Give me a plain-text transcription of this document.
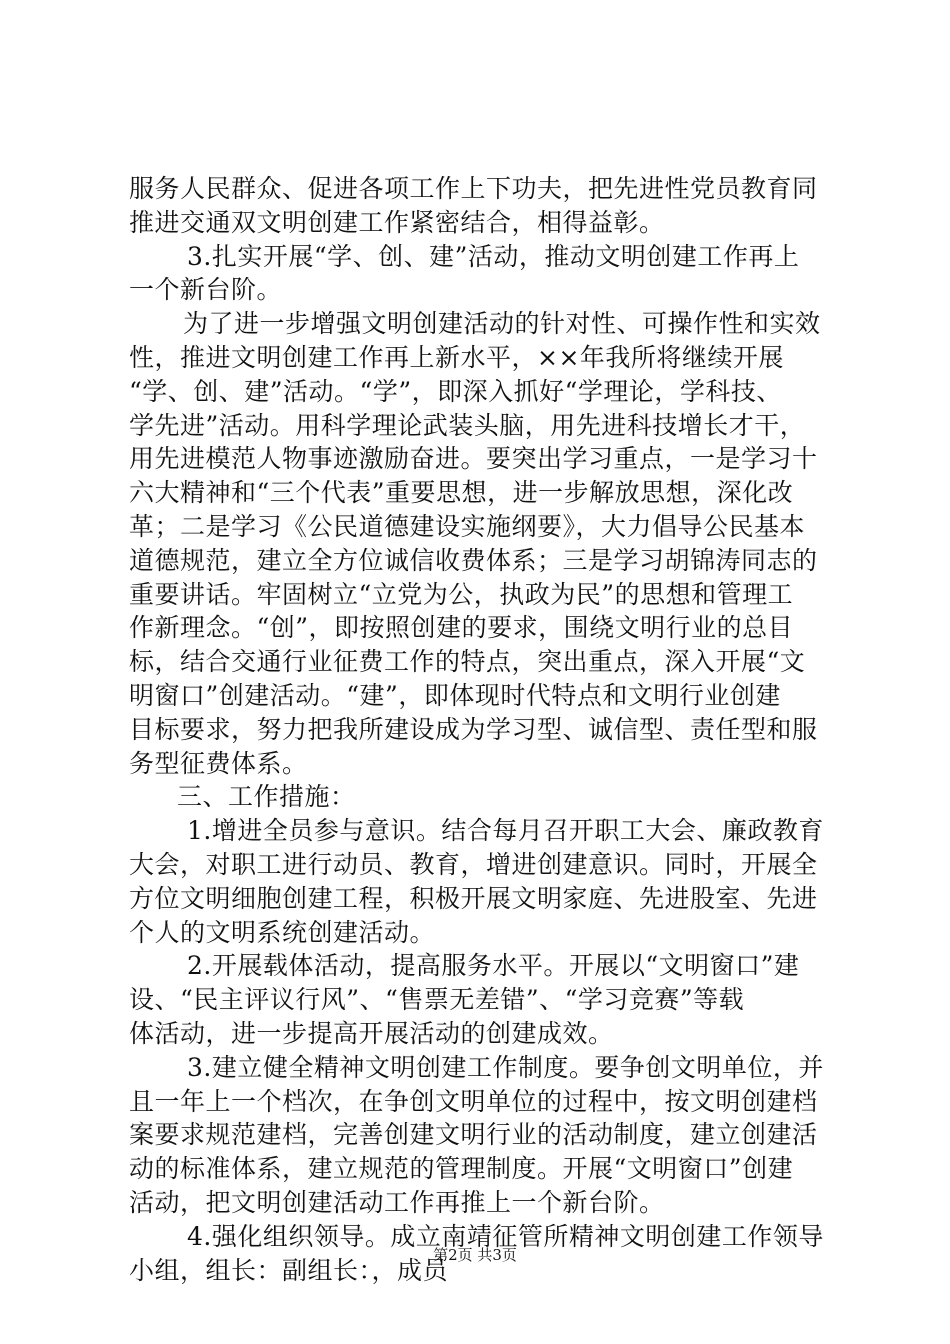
服务人民群众、促进各项工作上下功夫，把先进性党员教育同
推进交通双文明创建工作紧密结合，相得益彰。
3.扎实开展“学、创、建”活动，推动文明创建工作再上
一个新台阶。
为了进一步增强文明创建活动的针对性、可操作性和实效
性，推进文明创建工作再上新水平，××年我所将继续开展
“学、创、建”活动。“学”，即深入抓好“学理论，学科技、
学先进”活动。用科学理论武装头脑，用先进科技增长才干，
用先进模范人物事迹激励奋进。要突出学习重点，一是学习十
六大精神和“三个代表”重要思想，进一步解放思想，深化改
革；二是学习《公民道德建设实施纲要》，大力倡导公民基本
道德规范，建立全方位诚信收费体系；三是学习胡锦涛同志的
重要讲话。牢固树立“立党为公，执政为民”的思想和管理工
作新理念。“创”，即按照创建的要求，围绕文明行业的总目
标，结合交通行业征费工作的特点，突出重点，深入开展“文
明窗口”创建活动。“建”，即体现时代特点和文明行业创建
目标要求，努力把我所建设成为学习型、诚信型、责任型和服
务型征费体系。
三、工作措施：
1.增进全员参与意识。结合每月召开职工大会、廉政教育
大会，对职工进行动员、教育，增进创建意识。同时，开展全
方位文明细胞创建工程，积极开展文明家庭、先进股室、先进
个人的文明系统创建活动。
2.开展载体活动，提高服务水平。开展以“文明窗口”建
设、“民主评议行风”、“售票无差错”、“学习竞赛”等载
体活动，进一步提高开展活动的创建成效。
3.建立健全精神文明创建工作制度。要争创文明单位，并
且一年上一个档次，在争创文明单位的过程中，按文明创建档
案要求规范建档，完善创建文明行业的活动制度，建立创建活
动的标准体系，建立规范的管理制度。开展“文明窗口”创建
活动，把文明创建活动工作再推上一个新台阶。
4.强化组织领导。成立南靖征管所精神文明创建工作领导
小组，组长：副组长：，成员
第2页 共3页
